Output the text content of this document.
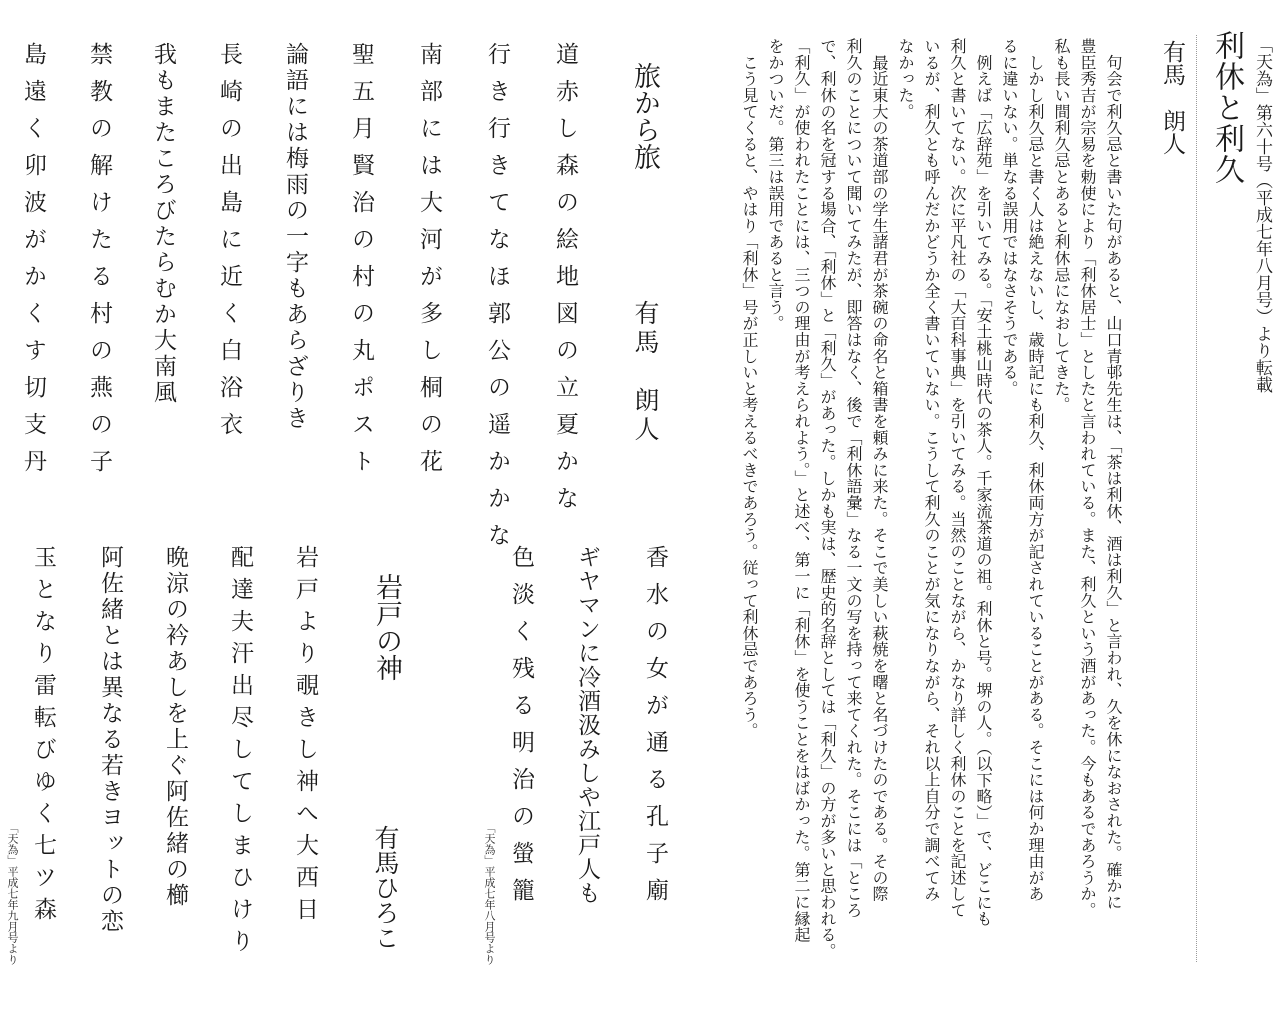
「天為」第六十号（平成七年八月号）より転載
利休と利久
有馬　朗人
　句会で利久忌と書いた句があると、山口青邨先生は、「茶は利休、酒は利久」と言われ、久を休になおされた。確かに
豊臣秀吉が宗易を勅使により「利休居士」としたと言われている。また、利久という酒があった。今もあるであろうか。
私も長い間利久忌とあると利休忌になおしてきた。
　しかし利久忌と書く人は絶えないし、歳時記にも利久、利休両方が記されていることがある。そこには何か理由があ
るに違いない。単なる誤用ではなさそうである。
　例えば「広辞苑」を引いてみる。「安土桃山時代の茶人。千家流茶道の祖。利休と号。堺の人。（以下略）」で、どこにも
利久と書いてない。次に平凡社の「大百科事典」を引いてみる。当然のことながら、かなり詳しく利休のことを記述して
いるが、利久とも呼んだかどうか全く書いていない。こうして利久のことが気になりながら、それ以上自分で調べてみ
なかった。
　最近東大の茶道部の学生諸君が茶碗の命名と箱書を頼みに来た。そこで美しい萩焼を曙と名づけたのである。その際
利久のことについて聞いてみたが、即答はなく、後で「利休語彙」なる一文の写を持って来てくれた。そこには「ところ
で、利休の名を冠する場合、「利休」と「利久」があった。しかも実は、歴史的名辞としては「利久」の方が多いと思われる。
「利久」が使われたことには、三つの理由が考えられよう。」と述べ、第一に「利休」を使うことをはばかった。第二に縁起
をかついだ。第三は誤用であると言う。
　こう見てくると、やはり「利休」号が正しいと考えるべきであろう。従って利休忌であろう。
旅から旅
有馬　朗人
道赤し森の絵地図の立夏かな
行き行きてなほ郭公の遥かかな
南部には大河が多し桐の花
聖五月賢治の村の丸ポスト
論語には梅雨の一字もあらざりき
長崎の出島に近く白浴衣
我もまたころびたらむか大南風
禁教の解けたる村の燕の子
島遠く卯波がかくす切支丹
香水の女が通る孔子廟
ギヤマンに冷酒汲みしや江戸人も
色淡く残る明治の螢籠
「天為」平成七年八月号より
岩戸の神
有馬ひろこ
岩戸より覗きし神へ大西日
配達夫汗出尽してしまひけり
晩涼の衿あしを上ぐ阿佐緒の櫛
阿佐緒とは異なる若きヨットの恋
玉となり雷転びゆく七ツ森
「天為」平成七年九月号より
